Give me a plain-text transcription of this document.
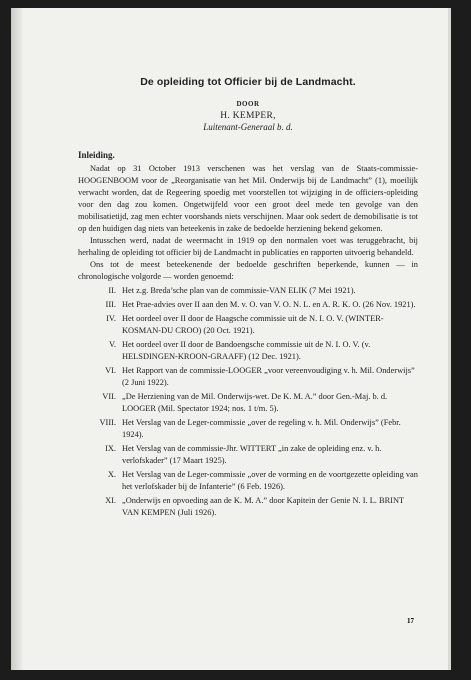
De opleiding tot Officier bij de Landmacht.
DOOR
H. KEMPER,
Luitenant-Generaal b. d.
Inleiding.

Nadat op 31 October 1913 verschenen was het verslag van de Staats-commissie-HOOGENBOOM voor de „Reorganisatie van het Mil. Onderwijs bij de Landmacht” (1), moeilijk verwacht worden, dat de Regeering spoedig met voorstellen tot wijziging in de officiers-opleiding voor den dag zou komen. Ongetwijfeld voor een groot deel mede ten gevolge van den mobilisatietijd, zag men echter voorshands niets verschijnen. Maar ook sedert de demobilisatie is tot op den huidigen dag niets van beteekenis in zake de bedoelde herziening bekend gekomen.

Intusschen werd, nadat de weermacht in 1919 op den normalen voet was teruggebracht, bij herhaling de opleiding tot officier bij de Landmacht in publicaties en rapporten uitvoerig behandeld.

Ons tot de meest beteekenende der bedoelde geschriften beperkende, kunnen — in chronologische volgorde — worden genoemd:

II. Het z.g. Breda’sche plan van de commissie-VAN ELIK (7 Mei 1921).
III. Het Prae-advies over II aan den M. v. O. van V. O. N. L. en A. R. K. O. (26 Nov. 1921).
IV. Het oordeel over II door de Haagsche commissie uit de N. I. O. V. (WINTER-KOSMAN-DU CROO) (20 Oct. 1921).
V. Het oordeel over II door de Bandoengsche commissie uit de N. I. O. V. (v. HELSDINGEN-KROON-GRAAFF) (12 Dec. 1921).
VI. Het Rapport van de commissie-LOOGER „voor vereenvoudiging v. h. Mil. Onderwijs” (2 Juni 1922).
VII. „De Herziening van de Mil. Onderwijs-wet. De K. M. A.” door Gen.-Maj. b. d. LOOGER (Mil. Spectator 1924; nos. 1 t/m. 5).
VIII. Het Verslag van de Leger-commissie „over de regeling v. h. Mil. Onderwijs” (Febr. 1924).
IX. Het Verslag van de commissie-Jhr. WITTERT „in zake de opleiding enz. v. h. verlofskader” (17 Maart 1925).
X. Het Verslag van de Leger-commissie „over de vorming en de voortgezette opleiding van het verlofskader bij de Infanterie” (6 Feb. 1926).
XI. „Onderwijs en opvoeding aan de K. M. A.” door Kapitein der Genie N. I. L. BRINT VAN KEMPEN (Juli 1926).
17
